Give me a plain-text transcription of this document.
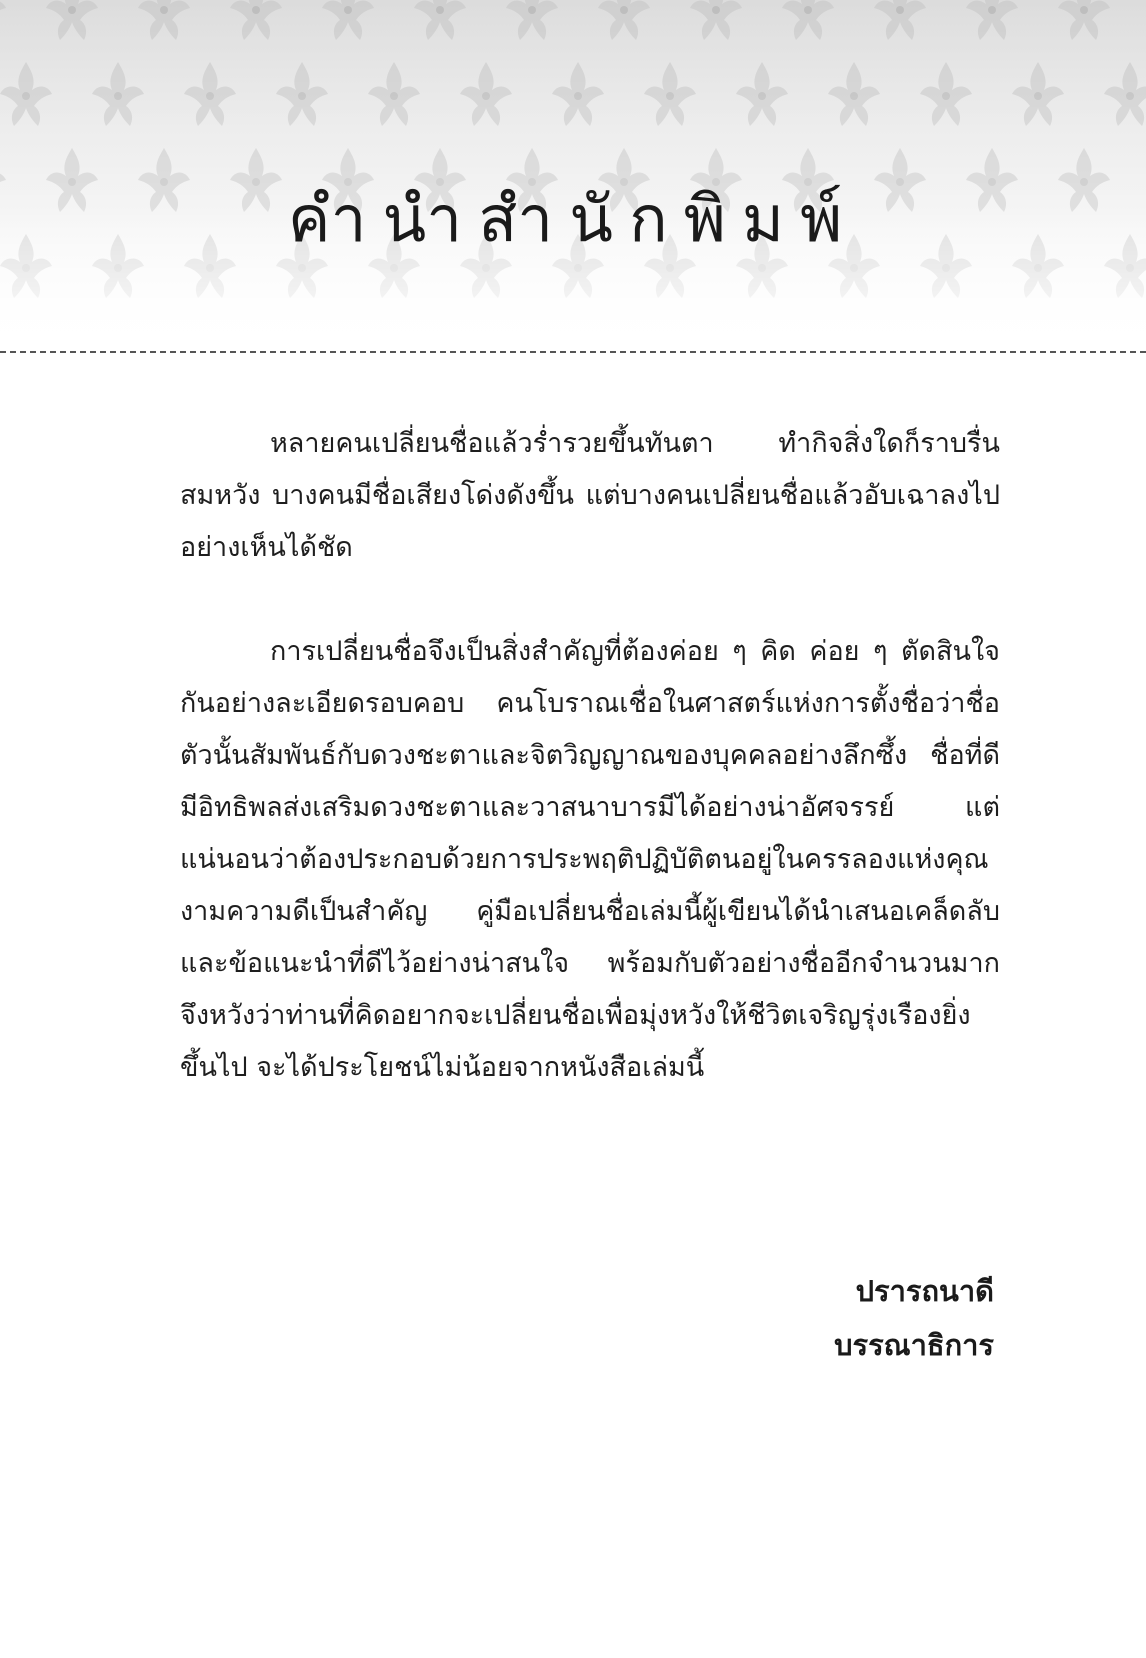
คำนำสำนักพิมพ์

หลายคนเปลี่ยนชื่อแล้วร่ำรวยขึ้นทันตา ทำกิจสิ่งใดก็ราบรื่นสมหวัง บางคนมีชื่อเสียงโด่งดังขึ้น แต่บางคนเปลี่ยนชื่อแล้วอับเฉาลงไปอย่างเห็นได้ชัด

การเปลี่ยนชื่อจึงเป็นสิ่งสำคัญที่ต้องค่อย ๆ คิด ค่อย ๆ ตัดสินใจกันอย่างละเอียดรอบคอบ คนโบราณเชื่อในศาสตร์แห่งการตั้งชื่อว่าชื่อตัวนั้นสัมพันธ์กับดวงชะตาและจิตวิญญาณของบุคคลอย่างลึกซึ้ง ชื่อที่ดีมีอิทธิพลส่งเสริมดวงชะตาและวาสนาบารมีได้อย่างน่าอัศจรรย์ แต่แน่นอนว่าต้องประกอบด้วยการประพฤติปฏิบัติตนอยู่ในครรลองแห่งคุณงามความดีเป็นสำคัญ คู่มือเปลี่ยนชื่อเล่มนี้ผู้เขียนได้นำเสนอเคล็ดลับและข้อแนะนำที่ดีไว้อย่างน่าสนใจ พร้อมกับตัวอย่างชื่ออีกจำนวนมาก จึงหวังว่าท่านที่คิดอยากจะเปลี่ยนชื่อเพื่อมุ่งหวังให้ชีวิตเจริญรุ่งเรืองยิ่งขึ้นไป จะได้ประโยชน์ไม่น้อยจากหนังสือเล่มนี้

ปรารถนาดี
บรรณาธิการ
